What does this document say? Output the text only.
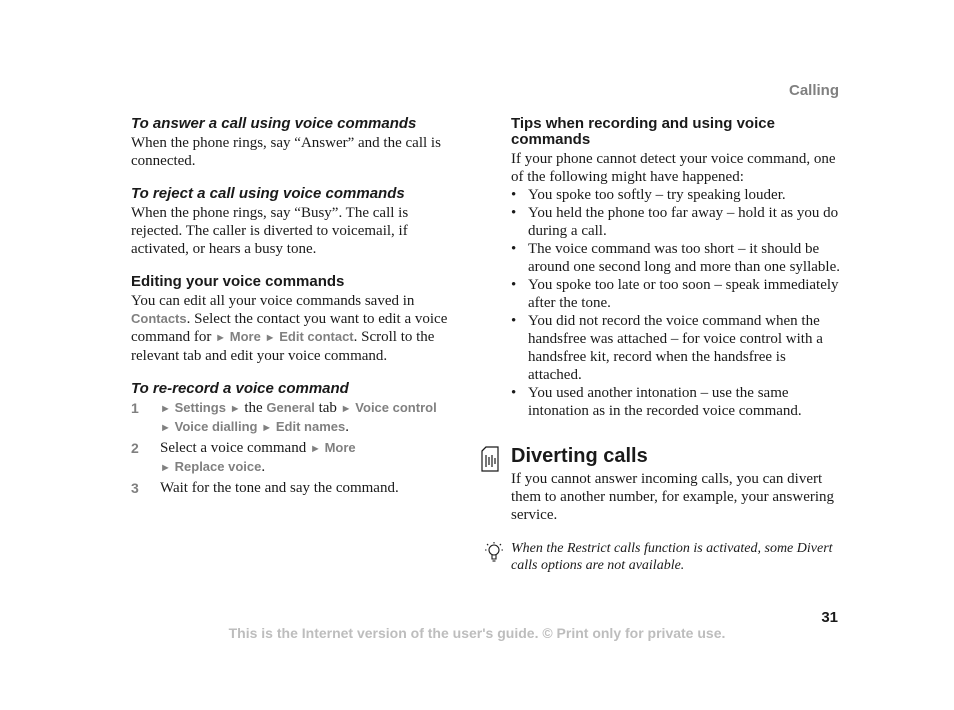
Calling
To answer a call using voice commands

When the phone rings, say “Answer” and the call is connected.

To reject a call using voice commands

When the phone rings, say “Busy”. The call is rejected. The caller is diverted to voicemail, if activated, or hears a busy tone.

Editing your voice commands

You can edit all your voice commands saved in Contacts. Select the contact you want to edit a voice command for ► More ► Edit contact. Scroll to the relevant tab and edit your voice command.

To re-record a voice command
1 ► Settings ► the General tab ► Voice control
► Voice dialling ► Edit names.
2 Select a voice command ► More
► Replace voice.
3 Wait for the tone and say the command.
Tips when recording and using voice commands

If your phone cannot detect your voice command, one of the following might have happened:

• You spoke too softly – try speaking louder.
• You held the phone too far away – hold it as you do during a call.
• The voice command was too short – it should be around one second long and more than one syllable.
• You spoke too late or too soon – speak immediately after the tone.
• You did not record the voice command when the handsfree was attached – for voice control with a handsfree kit, record when the handsfree is attached.
• You used another intonation – use the same intonation as in the recorded voice command.
Diverting calls

If you cannot answer incoming calls, you can divert them to another number, for example, your answering service.

When the Restrict calls function is activated, some Divert calls options are not available.
31
This is the Internet version of the user's guide. © Print only for private use.
